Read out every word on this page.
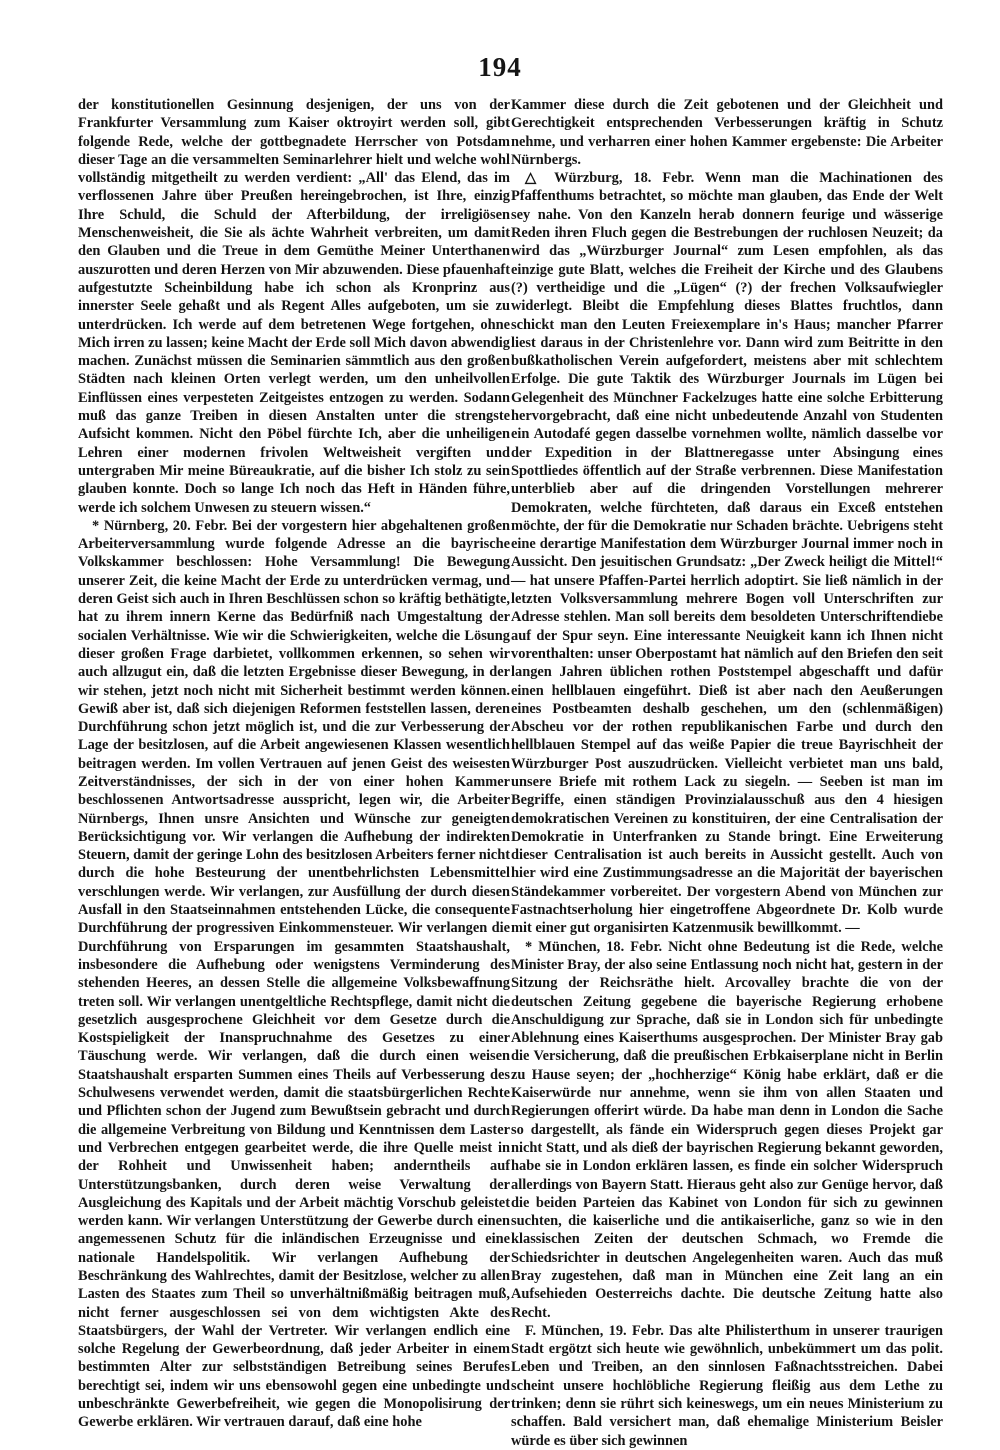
194

der konstitutionellen Gesinnung desjenigen, der uns von der Frankfurter Versammlung zum Kaiser oktroyirt werden soll, gibt folgende Rede, welche der gottbegnadete Herrscher von Potsdam dieser Tage an die versammelten Seminarlehrer hielt und welche wohl vollständig mitgetheilt zu werden verdient: „All' das Elend, das im verflossenen Jahre über Preußen hereingebrochen, ist Ihre, einzig Ihre Schuld, die Schuld der Afterbildung, der irreligiösen Menschenweisheit, die Sie als ächte Wahrheit verbreiten, um damit den Glauben und die Treue in dem Gemüthe Meiner Unterthanen auszurotten und deren Herzen von Mir abzuwenden. Diese pfauenhaft aufgestutzte Scheinbildung habe ich schon als Kronprinz aus innerster Seele gehaßt und als Regent Alles aufgeboten, um sie zu unterdrücken. Ich werde auf dem betretenen Wege fortgehen, ohne Mich irren zu lassen; keine Macht der Erde soll Mich davon abwendig machen. Zunächst müssen die Seminarien sämmtlich aus den großen Städten nach kleinen Orten verlegt werden, um den unheilvollen Einflüssen eines verpesteten Zeitgeistes entzogen zu werden. Sodann muß das ganze Treiben in diesen Anstalten unter die strengste Aufsicht kommen. Nicht den Pöbel fürchte Ich, aber die unheiligen Lehren einer modernen frivolen Weltweisheit vergiften und untergraben Mir meine Büreaukratie, auf die bisher Ich stolz zu sein glauben konnte. Doch so lange Ich noch das Heft in Händen führe, werde ich solchem Unwesen zu steuern wissen.“

* Nürnberg, 20. Febr. Bei der vorgestern hier abgehaltenen großen Arbeiterversammlung wurde folgende Adresse an die bayrische Volkskammer beschlossen: Hohe Versammlung! Die Bewegung unserer Zeit, die keine Macht der Erde zu unterdrücken vermag, und deren Geist sich auch in Ihren Beschlüssen schon so kräftig bethätigte, hat zu ihrem innern Kerne das Bedürfniß nach Umgestaltung der socialen Verhältnisse. Wie wir die Schwierigkeiten, welche die Lösung dieser großen Frage darbietet, vollkommen erkennen, so sehen wir auch allzugut ein, daß die letzten Ergebnisse dieser Bewegung, in der wir stehen, jetzt noch nicht mit Sicherheit bestimmt werden können. Gewiß aber ist, daß sich diejenigen Reformen feststellen lassen, deren Durchführung schon jetzt möglich ist, und die zur Verbesserung der Lage der besitzlosen, auf die Arbeit angewiesenen Klassen wesentlich beitragen werden. Im vollen Vertrauen auf jenen Geist des weisesten Zeitverständnisses, der sich in der von einer hohen Kammer beschlossenen Antwortsadresse ausspricht, legen wir, die Arbeiter Nürnbergs, Ihnen unsre Ansichten und Wünsche zur geneigten Berücksichtigung vor. Wir verlangen die Aufhebung der indirekten Steuern, damit der geringe Lohn des besitzlosen Arbeiters ferner nicht durch die hohe Besteurung der unentbehrlichsten Lebensmittel verschlungen werde. Wir verlangen, zur Ausfüllung der durch diesen Ausfall in den Staatseinnahmen entstehenden Lücke, die consequente Durchführung der progressiven Einkommensteuer. Wir verlangen die Durchführung von Ersparungen im gesammten Staatshaushalt, insbesondere die Aufhebung oder wenigstens Verminderung des stehenden Heeres, an dessen Stelle die allgemeine Volksbewaffnung treten soll. Wir verlangen unentgeltliche Rechtspflege, damit nicht die gesetzlich ausgesprochene Gleichheit vor dem Gesetze durch die Kostspieligkeit der Inanspruchnahme des Gesetzes zu einer Täuschung werde. Wir verlangen, daß die durch einen weisen Staatshaushalt ersparten Summen eines Theils auf Verbesserung des Schulwesens verwendet werden, damit die staatsbürgerlichen Rechte und Pflichten schon der Jugend zum Bewußtsein gebracht und durch die allgemeine Verbreitung von Bildung und Kenntnissen dem Laster und Verbrechen entgegen gearbeitet werde, die ihre Quelle meist in der Rohheit und Unwissenheit haben; anderntheils auf Unterstützungsbanken, durch deren weise Verwaltung der Ausgleichung des Kapitals und der Arbeit mächtig Vorschub geleistet werden kann. Wir verlangen Unterstützung der Gewerbe durch einen angemessenen Schutz für die inländischen Erzeugnisse und eine nationale Handelspolitik. Wir verlangen Aufhebung der Beschränkung des Wahlrechtes, damit der Besitzlose, welcher zu allen Lasten des Staates zum Theil so unverhältnißmäßig beitragen muß, nicht ferner ausgeschlossen sei von dem wichtigsten Akte des Staatsbürgers, der Wahl der Vertreter. Wir verlangen endlich eine solche Regelung der Gewerbeordnung, daß jeder Arbeiter in einem bestimmten Alter zur selbstständigen Betreibung seines Berufes berechtigt sei, indem wir uns ebensowohl gegen eine unbedingte und unbeschränkte Gewerbefreiheit, wie gegen die Monopolisirung der Gewerbe erklären. Wir vertrauen darauf, daß eine hohe

Kammer diese durch die Zeit gebotenen und der Gleichheit und Gerechtigkeit entsprechenden Verbesserungen kräftig in Schutz nehme, und verharren einer hohen Kammer ergebenste: Die Arbeiter Nürnbergs.

△ Würzburg, 18. Febr. Wenn man die Machinationen des Pfaffenthums betrachtet, so möchte man glauben, das Ende der Welt sey nahe. Von den Kanzeln herab donnern feurige und wässerige Reden ihren Fluch gegen die Bestrebungen der ruchlosen Neuzeit; da wird das „Würzburger Journal“ zum Lesen empfohlen, als das einzige gute Blatt, welches die Freiheit der Kirche und des Glaubens (?) vertheidige und die „Lügen“ (?) der frechen Volksaufwiegler widerlegt. Bleibt die Empfehlung dieses Blattes fruchtlos, dann schickt man den Leuten Freiexemplare in's Haus; mancher Pfarrer liest daraus in der Christenlehre vor. Dann wird zum Beitritte in den bußkatholischen Verein aufgefordert, meistens aber mit schlechtem Erfolge. Die gute Taktik des Würzburger Journals im Lügen bei Gelegenheit des Münchner Fackelzuges hatte eine solche Erbitterung hervorgebracht, daß eine nicht unbedeutende Anzahl von Studenten ein Autodafé gegen dasselbe vornehmen wollte, nämlich dasselbe vor der Expedition in der Blattneregasse unter Absingung eines Spottliedes öffentlich auf der Straße verbrennen. Diese Manifestation unterblieb aber auf die dringenden Vorstellungen mehrerer Demokraten, welche fürchteten, daß daraus ein Exceß entstehen möchte, der für die Demokratie nur Schaden brächte. Uebrigens steht eine derartige Manifestation dem Würzburger Journal immer noch in Aussicht. Den jesuitischen Grundsatz: „Der Zweck heiligt die Mittel!“ — hat unsere Pfaffen-Partei herrlich adoptirt. Sie ließ nämlich in der letzten Volksversammlung mehrere Bogen voll Unterschriften zur Adresse stehlen. Man soll bereits dem besoldeten Unterschriftendiebe auf der Spur seyn. Eine interessante Neuigkeit kann ich Ihnen nicht vorenthalten: unser Oberpostamt hat nämlich auf den Briefen den seit langen Jahren üblichen rothen Poststempel abgeschafft und dafür einen hellblauen eingeführt. Dieß ist aber nach den Aeußerungen eines Postbeamten deshalb geschehen, um den (schlenmäßigen) Abscheu vor der rothen republikanischen Farbe und durch den hellblauen Stempel auf das weiße Papier die treue Bayrischheit der Würzburger Post auszudrücken. Vielleicht verbietet man uns bald, unsere Briefe mit rothem Lack zu siegeln. — Seeben ist man im Begriffe, einen ständigen Provinzialausschuß aus den 4 hiesigen demokratischen Vereinen zu konstituiren, der eine Centralisation der Demokratie in Unterfranken zu Stande bringt. Eine Erweiterung dieser Centralisation ist auch bereits in Aussicht gestellt. Auch von hier wird eine Zustimmungsadresse an die Majorität der bayerischen Ständekammer vorbereitet. Der vorgestern Abend von München zur Fastnachtserholung hier eingetroffene Abgeordnete Dr. Kolb wurde mit einer gut organisirten Katzenmusik bewillkommt. —

* München, 18. Febr. Nicht ohne Bedeutung ist die Rede, welche Minister Bray, der also seine Entlassung noch nicht hat, gestern in der Sitzung der Reichsräthe hielt. Arcovalley brachte die von der deutschen Zeitung gegebene die bayerische Regierung erhobene Anschuldigung zur Sprache, daß sie in London sich für unbedingte Ablehnung eines Kaiserthums ausgesprochen. Der Minister Bray gab die Versicherung, daß die preußischen Erbkaiserplane nicht in Berlin zu Hause seyen; der „hochherzige“ König habe erklärt, daß er die Kaiserwürde nur annehme, wenn sie ihm von allen Staaten und Regierungen offerirt würde. Da habe man denn in London die Sache so dargestellt, als fände ein Widerspruch gegen dieses Projekt gar nicht Statt, und als dieß der bayrischen Regierung bekannt geworden, habe sie in London erklären lassen, es finde ein solcher Widerspruch allerdings von Bayern Statt. Hieraus geht also zur Genüge hervor, daß die beiden Parteien das Kabinet von London für sich zu gewinnen suchten, die kaiserliche und die antikaiserliche, ganz so wie in den klassischen Zeiten der deutschen Schmach, wo Fremde die Schiedsrichter in deutschen Angelegenheiten waren. Auch das muß Bray zugestehen, daß man in München eine Zeit lang an ein Aufsehieden Oesterreichs dachte. Die deutsche Zeitung hatte also Recht.

F. München, 19. Febr. Das alte Philisterthum in unserer traurigen Stadt ergötzt sich heute wie gewöhnlich, unbekümmert um das polit. Leben und Treiben, an den sinnlosen Faßnachtsstreichen. Dabei scheint unsere hochlöbliche Regierung fleißig aus dem Lethe zu trinken; denn sie rührt sich keineswegs, um ein neues Ministerium zu schaffen. Bald versichert man, daß ehemalige Ministerium Beisler würde es über sich gewinnen
